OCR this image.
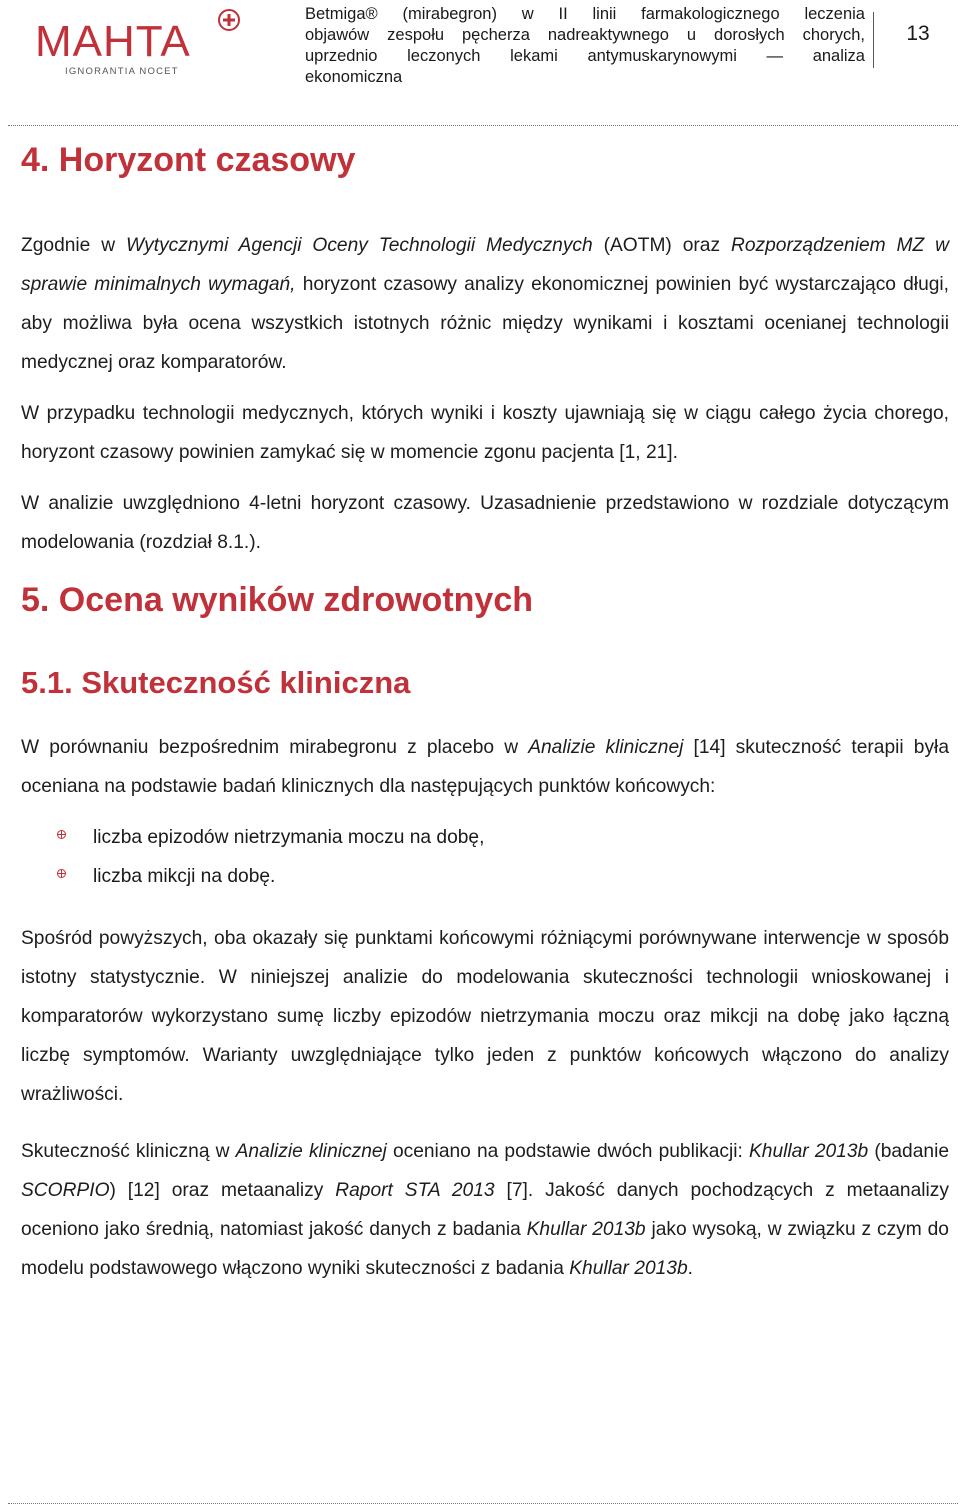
MAHTA
IGNORANTIA NOCET
Betmiga® (mirabegron) w II linii farmakologicznego leczenia
objawów zespołu pęcherza nadreaktywnego u dorosłych chorych,
uprzednio leczonych lekami antymuskarynowymi — analiza
ekonomiczna
13
4. Horyzont czasowy

Zgodnie w Wytycznymi Agencji Oceny Technologii Medycznych (AOTM) oraz Rozporządzeniem MZ w sprawie minimalnych wymagań, horyzont czasowy analizy ekonomicznej powinien być wystarczająco długi, aby możliwa była ocena wszystkich istotnych różnic między wynikami i kosztami ocenianej technologii medycznej oraz komparatorów.

W przypadku technologii medycznych, których wyniki i koszty ujawniają się w ciągu całego życia chorego, horyzont czasowy powinien zamykać się w momencie zgonu pacjenta [1, 21].

W analizie uwzględniono 4-letni horyzont czasowy. Uzasadnienie przedstawiono w rozdziale dotyczącym modelowania (rozdział 8.1.).

5. Ocena wyników zdrowotnych
5.1. Skuteczność kliniczna

W porównaniu bezpośrednim mirabegronu z placebo w Analizie klinicznej [14] skuteczność terapii była oceniana na podstawie badań klinicznych dla następujących punktów końcowych:

liczba epizodów nietrzymania moczu na dobę,
liczba mikcji na dobę.

Spośród powyższych, oba okazały się punktami końcowymi różniącymi porównywane interwencje w sposób istotny statystycznie. W niniejszej analizie do modelowania skuteczności technologii wnioskowanej i komparatorów wykorzystano sumę liczby epizodów nietrzymania moczu oraz mikcji na dobę jako łączną liczbę symptomów. Warianty uwzględniające tylko jeden z punktów końcowych włączono do analizy wrażliwości.

Skuteczność kliniczną w Analizie klinicznej oceniano na podstawie dwóch publikacji: Khullar 2013b (badanie SCORPIO) [12] oraz metaanalizy Raport STA 2013 [7]. Jakość danych pochodzących z metaanalizy oceniono jako średnią, natomiast jakość danych z badania Khullar 2013b jako wysoką, w związku z czym do modelu podstawowego włączono wyniki skuteczności z badania Khullar 2013b.
